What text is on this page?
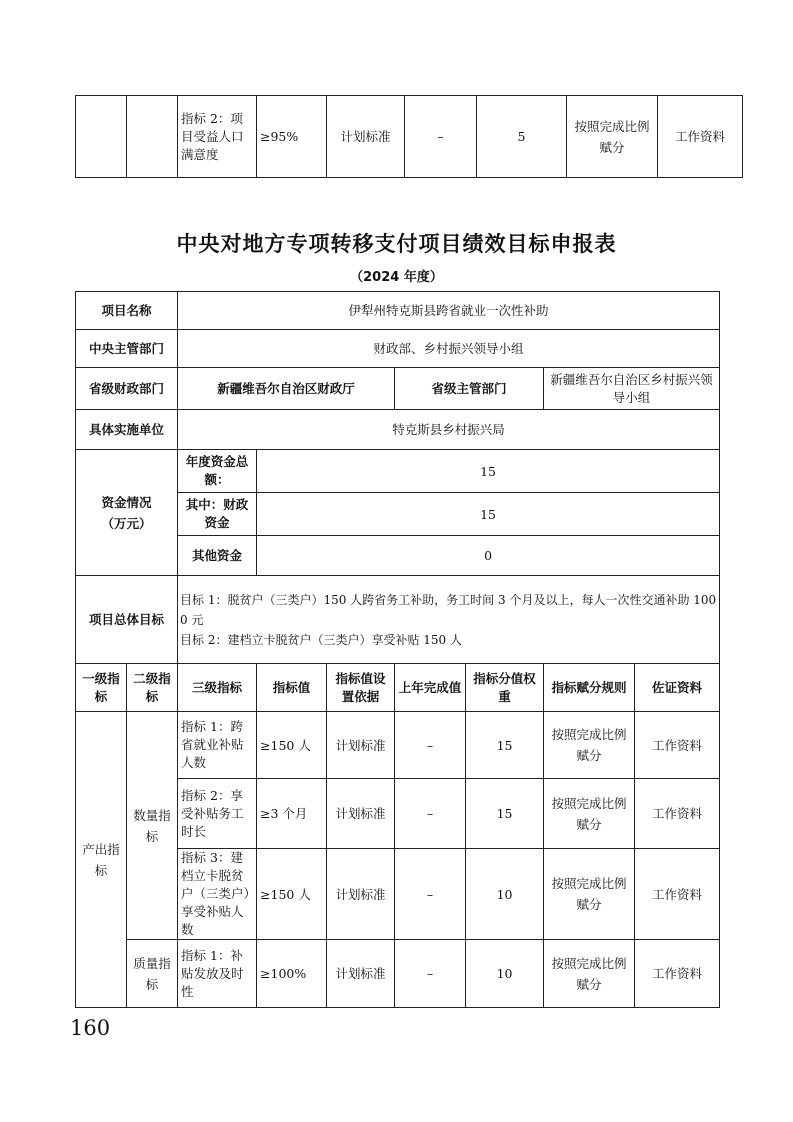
		指标 2：项目受益人口满意度	≥95%	计划标准	–	5	按照完成比例赋分	工作资料
中央对地方专项转移支付项目绩效目标申报表
（2024 年度）
项目名称		伊犁州特克斯县跨省就业一次性补助						
中央主管部门		财政部、乡村振兴领导小组						
省级财政部门		新疆维吾尔自治区财政厅			省级主管部门		新疆维吾尔自治区乡村振兴领导小组	
具体实施单位		特克斯县乡村振兴局						
资金情况（万元）		年度资金总额：	15					
		其中：财政资金	15					
		其他资金	0					
项目总体目标		目标 1：脱贫户（三类户）150 人跨省务工补助，务工时间 3 个月及以上，每人一次性交通补助 1000 元
目标 2：建档立卡脱贫户（三类户）享受补贴 150 人						

一级指标	二级指标	三级指标	指标值	指标值设置依据	上年完成值	指标分值权重	指标赋分规则	佐证资料
产出指标	数量指标	指标 1：跨省就业补贴人数	≥150 人	计划标准	–	15	按照完成比例赋分	工作资料
		指标 2：享受补贴务工时长	≥3 个月	计划标准	–	15	按照完成比例赋分	工作资料
		指标 3：建档立卡脱贫户（三类户）享受补贴人数	≥150 人	计划标准	–	10	按照完成比例赋分	工作资料
	质量指标	指标 1：补贴发放及时性	≥100%	计划标准	–	10	按照完成比例赋分	工作资料
160
